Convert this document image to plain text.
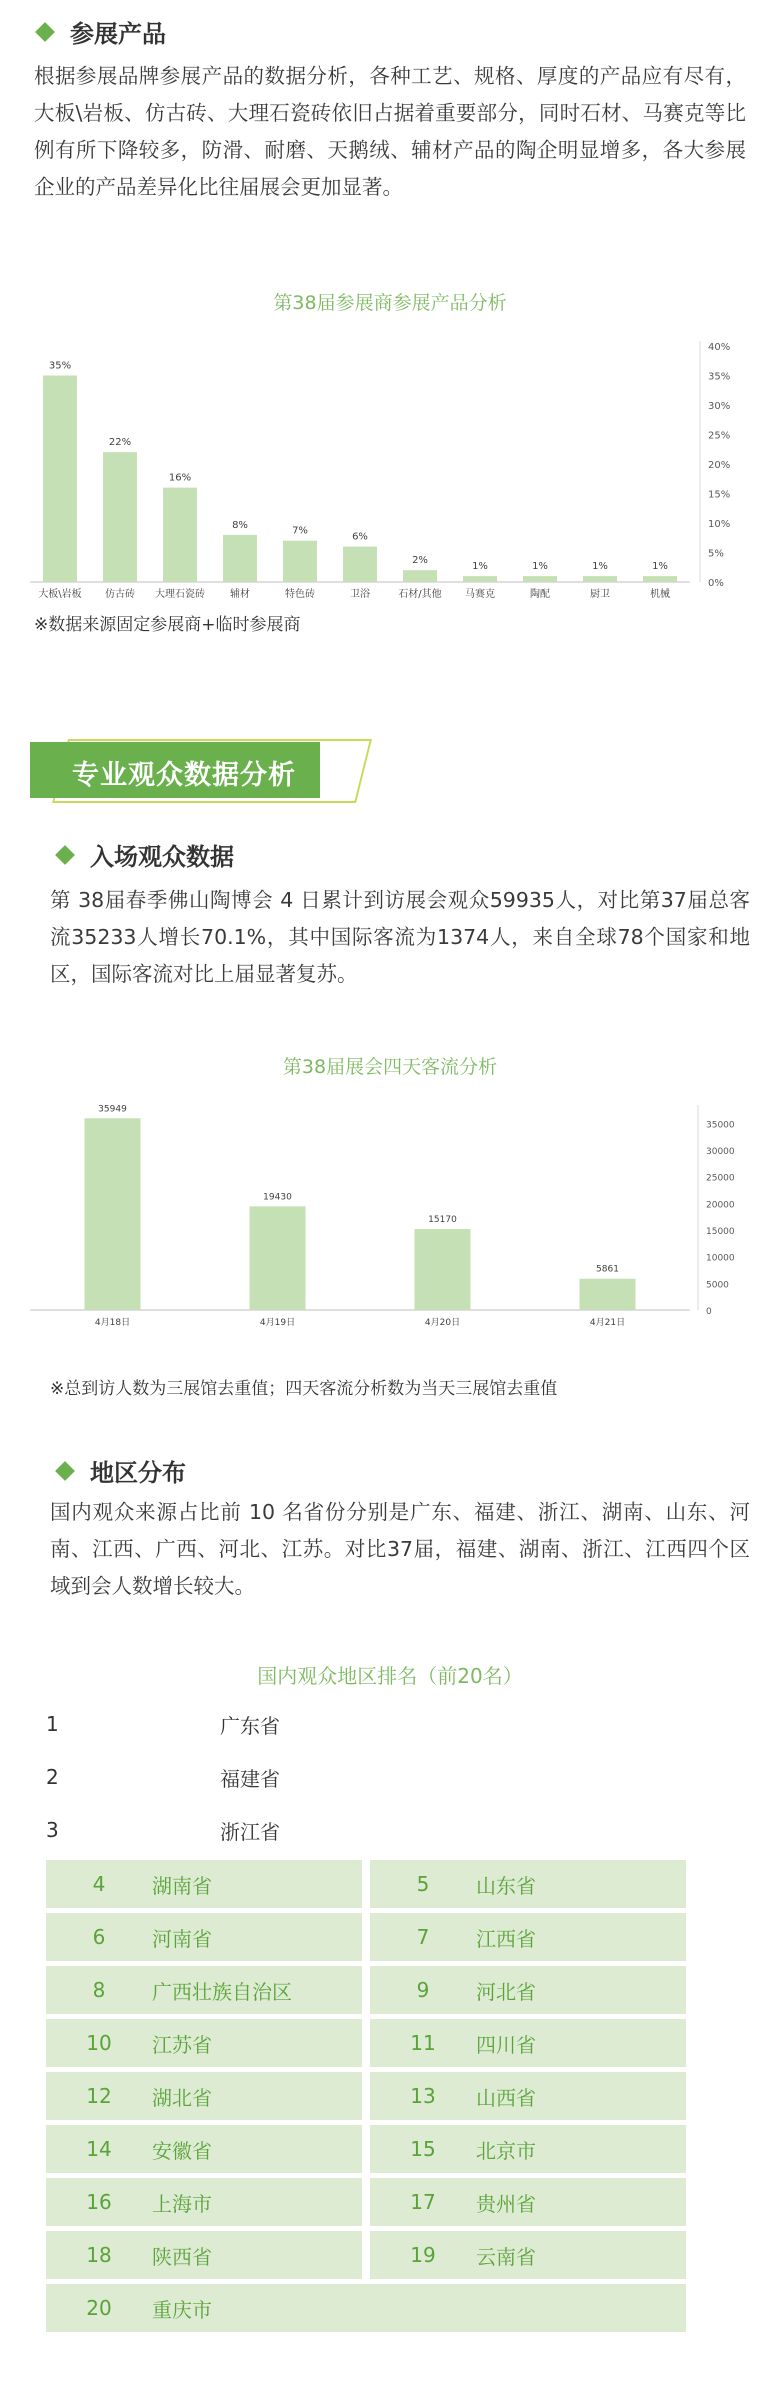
参展产品
根据参展品牌参展产品的数据分析，各种工艺、规格、厚度的产品应有尽有，大板\岩板、仿古砖、大理石瓷砖依旧占据着重要部分，同时石材、马赛克等比例有所下降较多，防滑、耐磨、天鹅绒、辅材产品的陶企明显增多，各大参展企业的产品差异化比往届展会更加显著。
第38届参展商参展产品分析
0%
5%
10%
15%
20%
25%
30%
35%
40%
35%
大板\岩板
22%
仿古砖
16%
大理石瓷砖
8%
辅材
7%
特色砖
6%
卫浴
2%
石材/其他
1%
马赛克
1%
陶配
1%
厨卫
1%
机械
※数据来源固定参展商+临时参展商
专业观众数据分析
入场观众数据
第 38届春季佛山陶博会 4 日累计到访展会观众59935人，对比第37届总客流35233人增长70.1%，其中国际客流为1374人，来自全球78个国家和地区，国际客流对比上届显著复苏。
第38届展会四天客流分析
0
5000
10000
15000
20000
25000
30000
35000
35949
4月18日
19430
4月19日
15170
4月20日
5861
4月21日
※总到访人数为三展馆去重值；四天客流分析数为当天三展馆去重值
地区分布
国内观众来源占比前 10 名省份分别是广东、福建、浙江、湖南、山东、河南、江西、广西、河北、江苏。对比37届，福建、湖南、浙江、江西四个区域到会人数增长较大。
国内观众地区排名（前20名）
1	广东省
2	福建省
3	浙江省
4	湖南省	5	山东省
6	河南省	7	江西省
8	广西壮族自治区	9	河北省
10	江苏省	11	四川省
12	湖北省	13	山西省
14	安徽省	15	北京市
16	上海市	17	贵州省
18	陕西省	19	云南省
20	重庆市
